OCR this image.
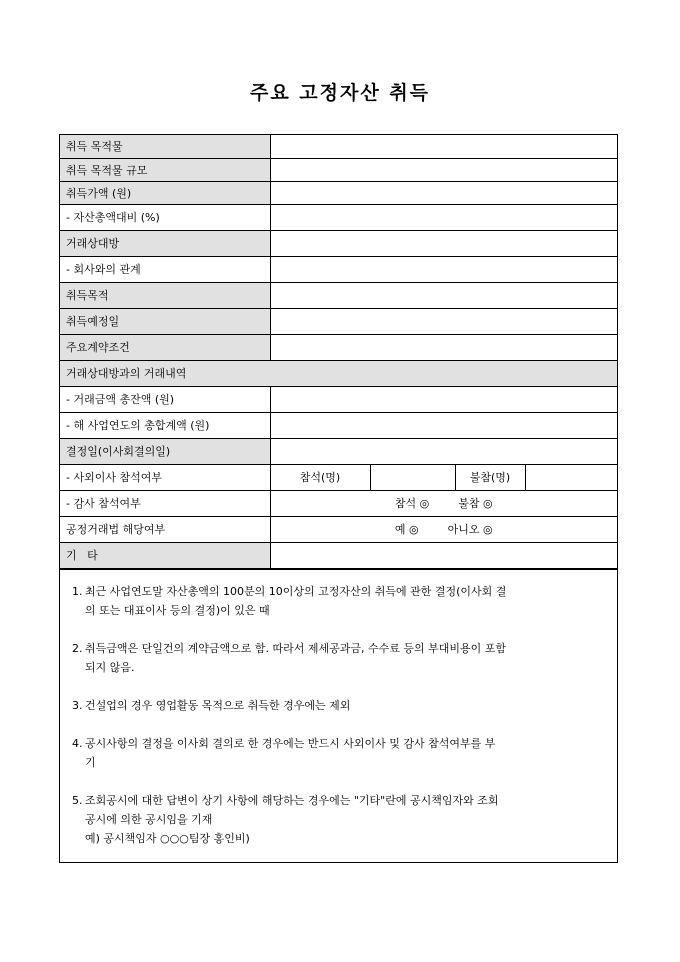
주요 고정자산 취득
취득 목적물				
취득 목적물 규모				
취득가액 (원)				
- 자산총액대비 (%)				
거래상대방				
- 회사와의 관계				
취득목적				
취득예정일				
주요계약조건				
거래상대방과의 거래내역				
- 거래금액 총잔액 (원)				
- 해 사업연도의 총합계액 (원)				
결정일(이사회결의일)				
- 사외이사 참석여부	참석(명)		불참(명)	
- 감사 참석여부	참석 ◎ 불참 ◎			
공정거래법 해당여부	예 ◎ 아니오 ◎			
기   타				
1. 최근 사업연도말 자산총액의 100분의 10이상의 고정자산의 취득에 관한 결정(이사회 결
의 또는 대표이사 등의 결정)이 있은 때
2. 취득금액은 단일건의 계약금액으로 함. 따라서 제세공과금, 수수료 등의 부대비용이 포함
되지 않음.
3. 건설업의 경우 영업활동 목적으로 취득한 경우에는 제외
4. 공시사항의 결정을 이사회 결의로 한 경우에는 반드시 사외이사 및 감사 참석여부를 부
기
5. 조회공시에 대한 답변이 상기 사항에 해당하는 경우에는 "기타"란에 공시책임자와 조회
공시에 의한 공시임을 기재
예) 공시책임자 ○○○팀장 홍인비)
